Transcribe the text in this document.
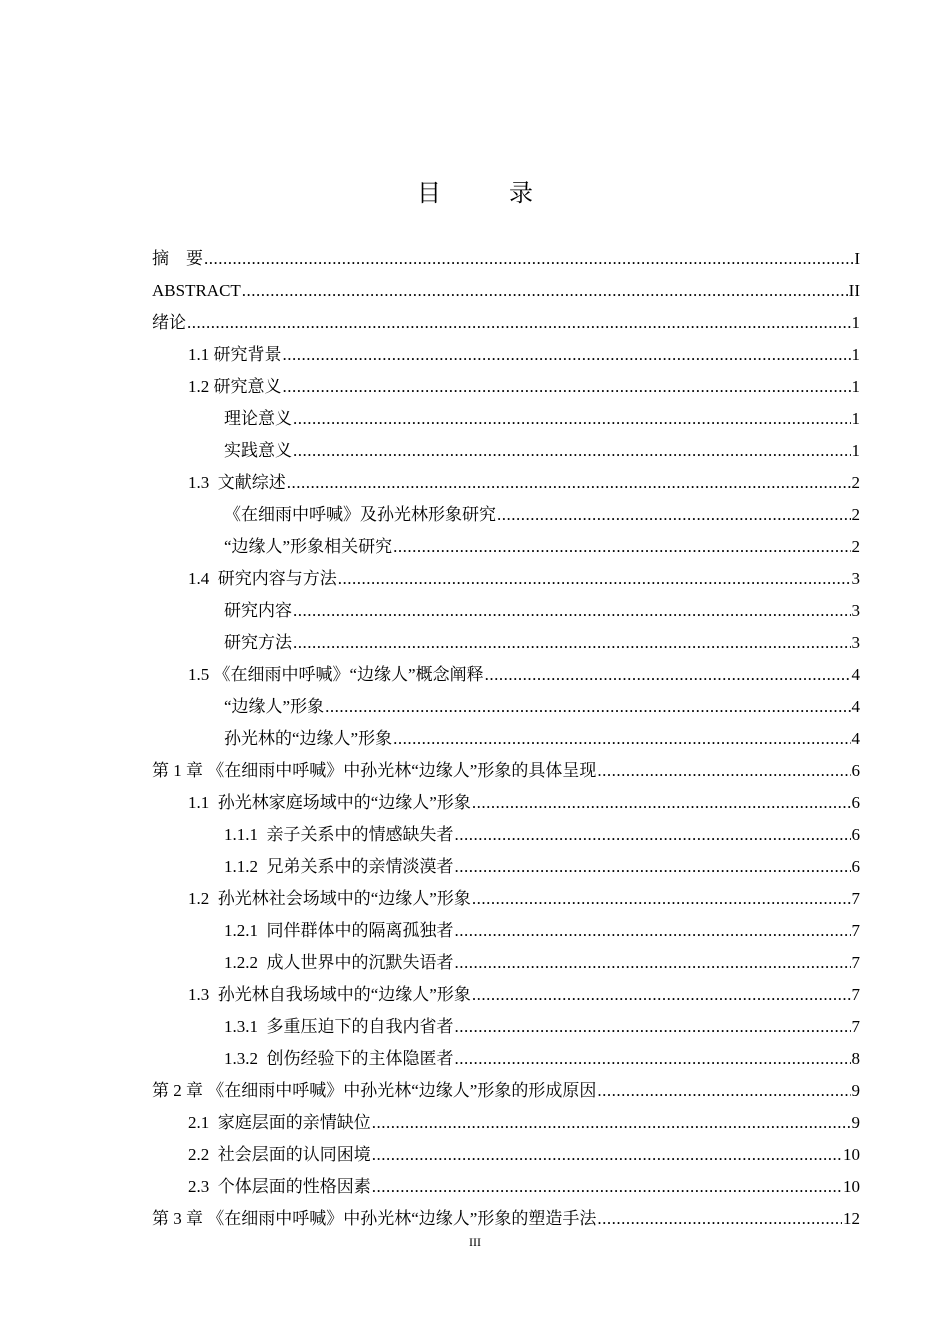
目　录
摘　要 .....	I
ABSTRACT .....	II
绪论 .....	1
1.1 研究背景 .....	1
1.2 研究意义 .....	1
理论意义 .....	1
实践意义 .....	1
1.3  文献综述 .....	2
《在细雨中呼喊》及孙光林形象研究 .....	2
“边缘人”形象相关研究 .....	2
1.4  研究内容与方法 .....	3
研究内容 .....	3
研究方法 .....	3
1.5 《在细雨中呼喊》“边缘人”概念阐释 .....	4
“边缘人”形象 .....	4
孙光林的“边缘人”形象 .....	4
第 1 章 《在细雨中呼喊》中孙光林“边缘人”形象的具体呈现 .....	6
1.1  孙光林家庭场域中的“边缘人”形象 .....	6
1.1.1  亲子关系中的情感缺失者 .....	6
1.1.2  兄弟关系中的亲情淡漠者 .....	6
1.2  孙光林社会场域中的“边缘人”形象 .....	7
1.2.1  同伴群体中的隔离孤独者 .....	7
1.2.2  成人世界中的沉默失语者 .....	7
1.3  孙光林自我场域中的“边缘人”形象 .....	7
1.3.1  多重压迫下的自我内省者 .....	7
1.3.2  创伤经验下的主体隐匿者 .....	8
第 2 章 《在细雨中呼喊》中孙光林“边缘人”形象的形成原因 .....	9
2.1  家庭层面的亲情缺位 .....	9
2.2  社会层面的认同困境 .....	10
2.3  个体层面的性格因素 .....	10
第 3 章 《在细雨中呼喊》中孙光林“边缘人”形象的塑造手法 .....	12
III
